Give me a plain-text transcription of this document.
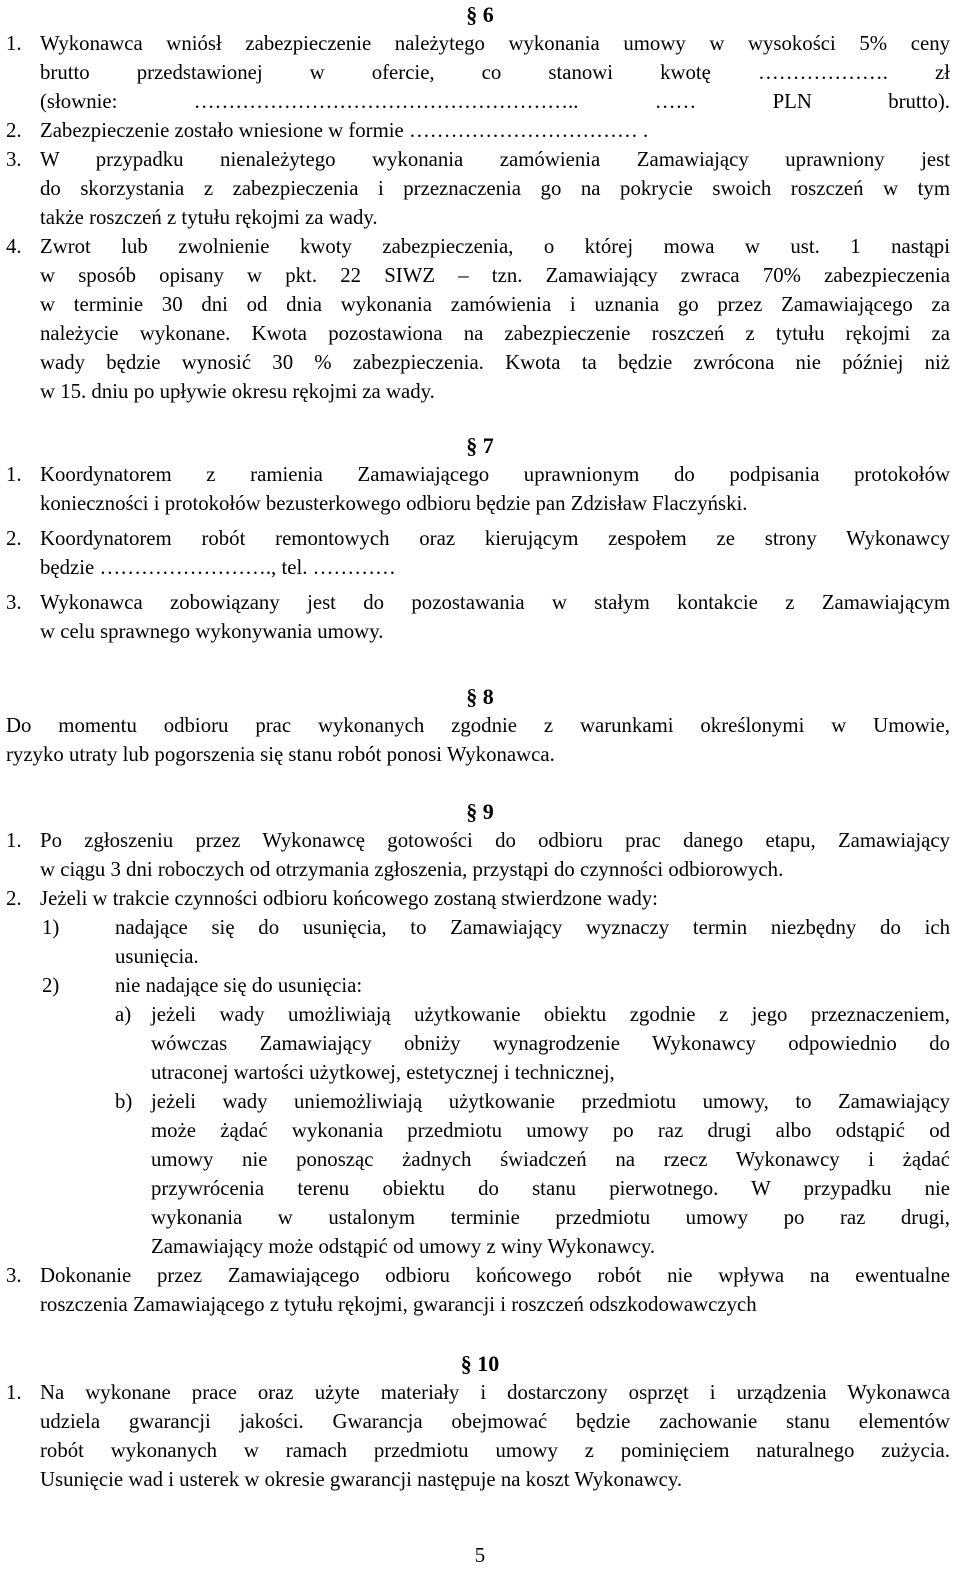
§ 6
1. Wykonawca wniósł zabezpieczenie należytego wykonania umowy w wysokości 5% ceny
brutto przedstawionej w ofercie, co stanowi kwotę ………………. zł
(słownie: ……………………………………………….. …… PLN brutto).
2. Zabezpieczenie zostało wniesione w formie …………………………… .
3. W przypadku nienależytego wykonania zamówienia Zamawiający uprawniony jest
do skorzystania z zabezpieczenia i przeznaczenia go na pokrycie swoich roszczeń w tym
także roszczeń z tytułu rękojmi za wady.
4. Zwrot lub zwolnienie kwoty zabezpieczenia, o której mowa w ust. 1 nastąpi
w sposób opisany w pkt. 22 SIWZ – tzn. Zamawiający zwraca 70% zabezpieczenia
w terminie 30 dni od dnia wykonania zamówienia i uznania go przez Zamawiającego za
należycie wykonane. Kwota pozostawiona na zabezpieczenie roszczeń z tytułu rękojmi za
wady będzie wynosić 30 % zabezpieczenia. Kwota ta będzie zwrócona nie później niż
w 15. dniu po upływie okresu rękojmi za wady.
§ 7
1. Koordynatorem z ramienia Zamawiającego uprawnionym do podpisania protokołów
konieczności i protokołów bezusterkowego odbioru będzie pan Zdzisław Flaczyński.
2. Koordynatorem robót remontowych oraz kierującym zespołem ze strony Wykonawcy
będzie ……………………., tel. …………
3. Wykonawca zobowiązany jest do pozostawania w stałym kontakcie z Zamawiającym
w celu sprawnego wykonywania umowy.
§ 8
Do momentu odbioru prac wykonanych zgodnie z warunkami określonymi w Umowie,
ryzyko utraty lub pogorszenia się stanu robót ponosi Wykonawca.
§ 9
1. Po zgłoszeniu przez Wykonawcę gotowości do odbioru prac danego etapu, Zamawiający
w ciągu 3 dni roboczych od otrzymania zgłoszenia, przystąpi do czynności odbiorowych.
2. Jeżeli w trakcie czynności odbioru końcowego zostaną stwierdzone wady:
1)	nadające się do usunięcia, to Zamawiający wyznaczy termin niezbędny do ich
usunięcia.
2)	nie nadające się do usunięcia:
a) jeżeli wady umożliwiają użytkowanie obiektu zgodnie z jego przeznaczeniem,
wówczas Zamawiający obniży wynagrodzenie Wykonawcy odpowiednio do
utraconej wartości użytkowej, estetycznej i technicznej,
b) jeżeli wady uniemożliwiają użytkowanie przedmiotu umowy, to Zamawiający
może żądać wykonania przedmiotu umowy po raz drugi albo odstąpić od
umowy nie ponosząc żadnych świadczeń na rzecz Wykonawcy i żądać
przywrócenia terenu obiektu do stanu pierwotnego. W przypadku nie
wykonania w ustalonym terminie przedmiotu umowy po raz drugi,
Zamawiający może odstąpić od umowy z winy Wykonawcy.
3. Dokonanie przez Zamawiającego odbioru końcowego robót nie wpływa na ewentualne
roszczenia Zamawiającego z tytułu rękojmi, gwarancji i roszczeń odszkodowawczych
§ 10
1. Na wykonane prace oraz użyte materiały i dostarczony osprzęt i urządzenia Wykonawca
udziela gwarancji jakości. Gwarancja obejmować będzie zachowanie stanu elementów
robót wykonanych w ramach przedmiotu umowy z pominięciem naturalnego zużycia.
Usunięcie wad i usterek w okresie gwarancji następuje na koszt Wykonawcy.
5
